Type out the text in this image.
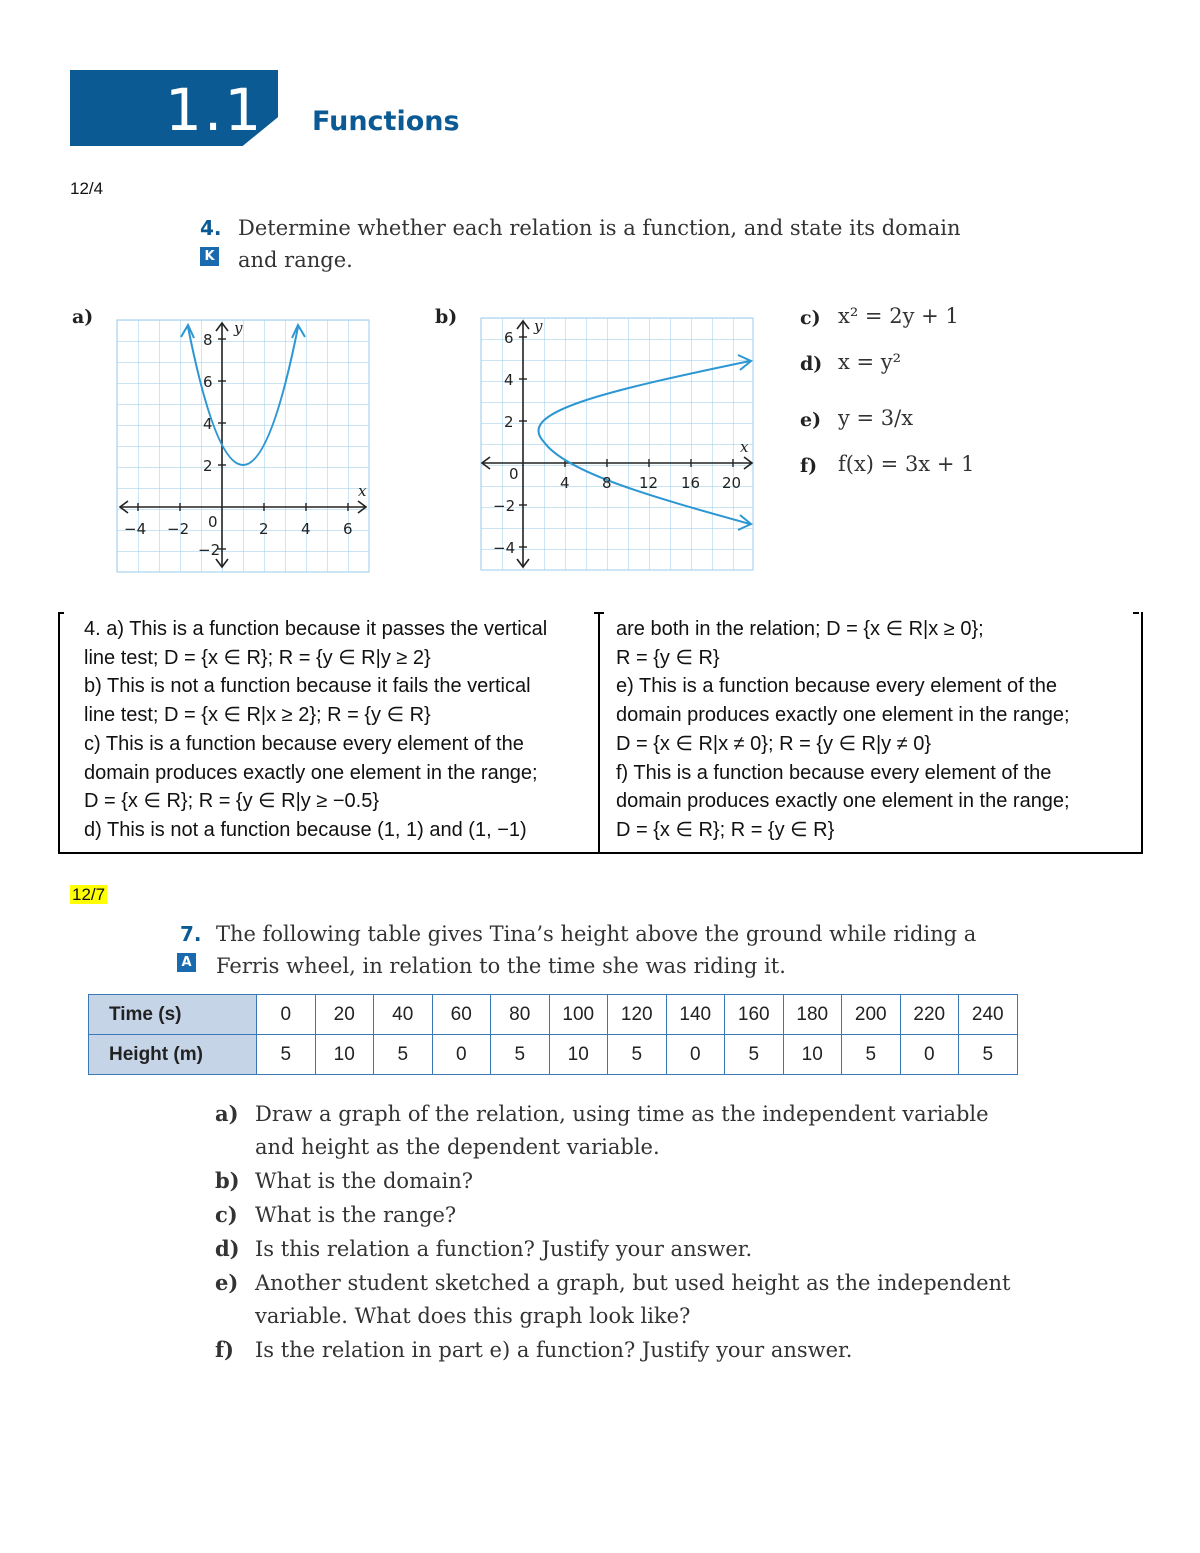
1.1 Functions
12/4
4. Determine whether each relation is a function, and state its domain
K and range.
a)	b)
y
x
−4 −2 0	2 4 6
8
6
4
2
−2
y
x
0	4 8 12 16 20
6
4
2
−2
−4
c) x² = 2y + 1
d) x = y²
e) y = 3/x
f) f(x) = 3x + 1
4. a) This is a function because it passes the vertical
line test; D = {x ∈ R}; R = {y ∈ R|y ≥ 2}
b) This is not a function because it fails the vertical
line test; D = {x ∈ R|x ≥ 2}; R = {y ∈ R}
c) This is a function because every element of the
domain produces exactly one element in the range;
D = {x ∈ R}; R = {y ∈ R|y ≥ −0.5}
d) This is not a function because (1, 1) and (1, −1)
are both in the relation; D = {x ∈ R|x ≥ 0};
R = {y ∈ R}
e) This is a function because every element of the
domain produces exactly one element in the range;
D = {x ∈ R|x ≠ 0}; R = {y ∈ R|y ≠ 0}
f) This is a function because every element of the
domain produces exactly one element in the range;
D = {x ∈ R}; R = {y ∈ R}
12/7
7. The following table gives Tina’s height above the ground while riding a
A Ferris wheel, in relation to the time she was riding it.
Time (s)	0	20	40	60	80	100	120	140	160	180	200	220	240
Height (m)	5	10	5	0	5	10	5	0	5	10	5	0	5
a) Draw a graph of the relation, using time as the independent variable
and height as the dependent variable.
b) What is the domain?
c) What is the range?
d) Is this relation a function? Justify your answer.
e) Another student sketched a graph, but used height as the independent
variable. What does this graph look like?
f) Is the relation in part e) a function? Justify your answer.
